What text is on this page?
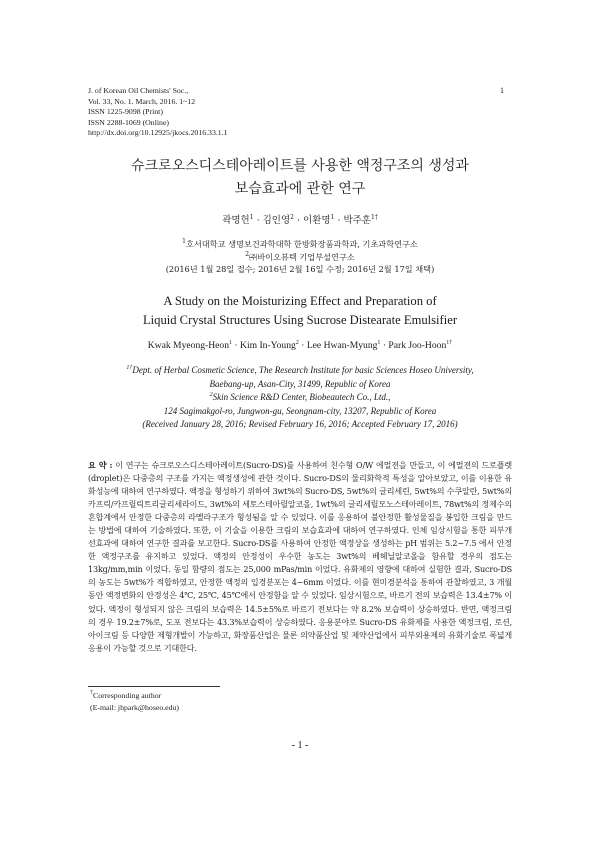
J. of Korean Oil Chemists' Soc.,
Vol. 33, No. 1. March, 2016. 1~12
ISSN 1225-9098 (Print)
ISSN 2288-1069 (Online)
http://dx.doi.org/10.12925/jkocs.2016.33.1.1
1
슈크로오스디스테아레이트를 사용한 액정구조의 생성과
보습효과에 관한 연구
곽명헌$^1$ · 김인영$^2$ · 이환명$^1$ · 박주훈$^{1\dagger}$
$^1$호서대학교 생명보건과학대학 한방화장품과학과, 기초과학연구소
$^2$㈜바이오뷰텍 기업부설연구소
(2016년 1월 28일 접수; 2016년 2월 16일 수정; 2016년 2월 17일 채택)
A Study on the Moisturizing Effect and Preparation of
Liquid Crystal Structures Using Sucrose Distearate Emulsifier
Kwak Myeong-Heon$^1$ · Kim In-Young$^2$ · Lee Hwan-Myung$^1$ · Park Joo-Hoon$^{1\dagger}$
$^{1\dagger}$Dept. of Herbal Cosmetic Science, The Research Institute for basic Sciences Hoseo University,
Baebang-up, Asan-City, 31499, Republic of Korea
$^2$Skin Science R&D Center, Biobeautech Co., Ltd.,
124 Sagimakgol-ro, Jungwon-gu, Seongnam-city, 13207, Republic of Korea
(Received January 28, 2016; Revised February 16, 2016; Accepted February 17, 2016)
요 약 : 이 연구는 슈크로오스디스테아레이트(Sucro-DS)를 사용하여 친수형 O/W 에멀젼을 만들고, 이 에멀젼의 드로플렛(droplet)은 다중층의 구조를 가지는 액정생성에 관한 것이다. Sucro-DS의 물리화학적 특성을 알아보았고, 이를 이용한 유화성능에 대하여 연구하였다. 액정을 형성하기 위하여 3wt%의 Sucro-DS, 5wt%의 글리세린, 5wt%의 수쿠알란, 5wt%의 카프릭/카프릴릭트리글리세라이드, 3wt%의 세토스테아릴알코올, 1wt%의 글리세릴모노스테아레이트, 78wt%의 정제수의 혼합계에서 안정한 다중층의 라멜라구조가 형성됨을 알 수 있었다. 이를 응용하여 불안정한 활성물질을 봉입한 크림을 만드는 방법에 대하여 기술하였다. 또한, 이 기술을 이용한 크림의 보습효과에 대하여 연구하였다. 인체 임상시험을 통한 피부개선효과에 대하여 연구한 결과를 보고한다. Sucro-DS를 사용하여 안정한 액정상을 생성하는 pH 범위는 5.2~7.5 에서 안정한 액정구조를 유지하고 있었다. 액정의 안정성이 우수한 농도는 3wt%의 베헤닐알코올을 함유할 경우의 점도는 13kg/mm,min 이었다. 동일 함량의 점도는 25,000 mPas/min 이었다. 유화제의 영향에 대하여 실험한 결과, Sucro-DS 의 농도는 5wt%가 적합하였고, 안정한 액정의 입경분포는 4~6mm 이었다. 이를 현미경분석을 통하여 관찰하였고, 3 개월동안 액정변화의 안정성은 4℃, 25℃, 45℃에서 안정함을 알 수 있었다. 임상시험으로, 바르기 전의 보습력은 13.4±7% 이었다. 액정이 형성되지 않은 크림의 보습력은 14.5±5%로 바르기 전보다는 약 8.2% 보습력이 상승하였다. 반면, 액정크림의 경우 19.2±7%로, 도포 전보다는 43.3%보습력이 상승하였다. 응용분야로 Sucro-DS 유화제를 사용한 액정크림, 로션, 아이크림 등 다양한 제형개발이 가능하고, 화장품산업은 물론 의약품산업 및 제약산업에서 피부외용제의 유화기술로 폭넓게 응용이 가능할 것으로 기대한다.
†Corresponding author
(E-mail: jhpark@hoseo.edu)
- 1 -
